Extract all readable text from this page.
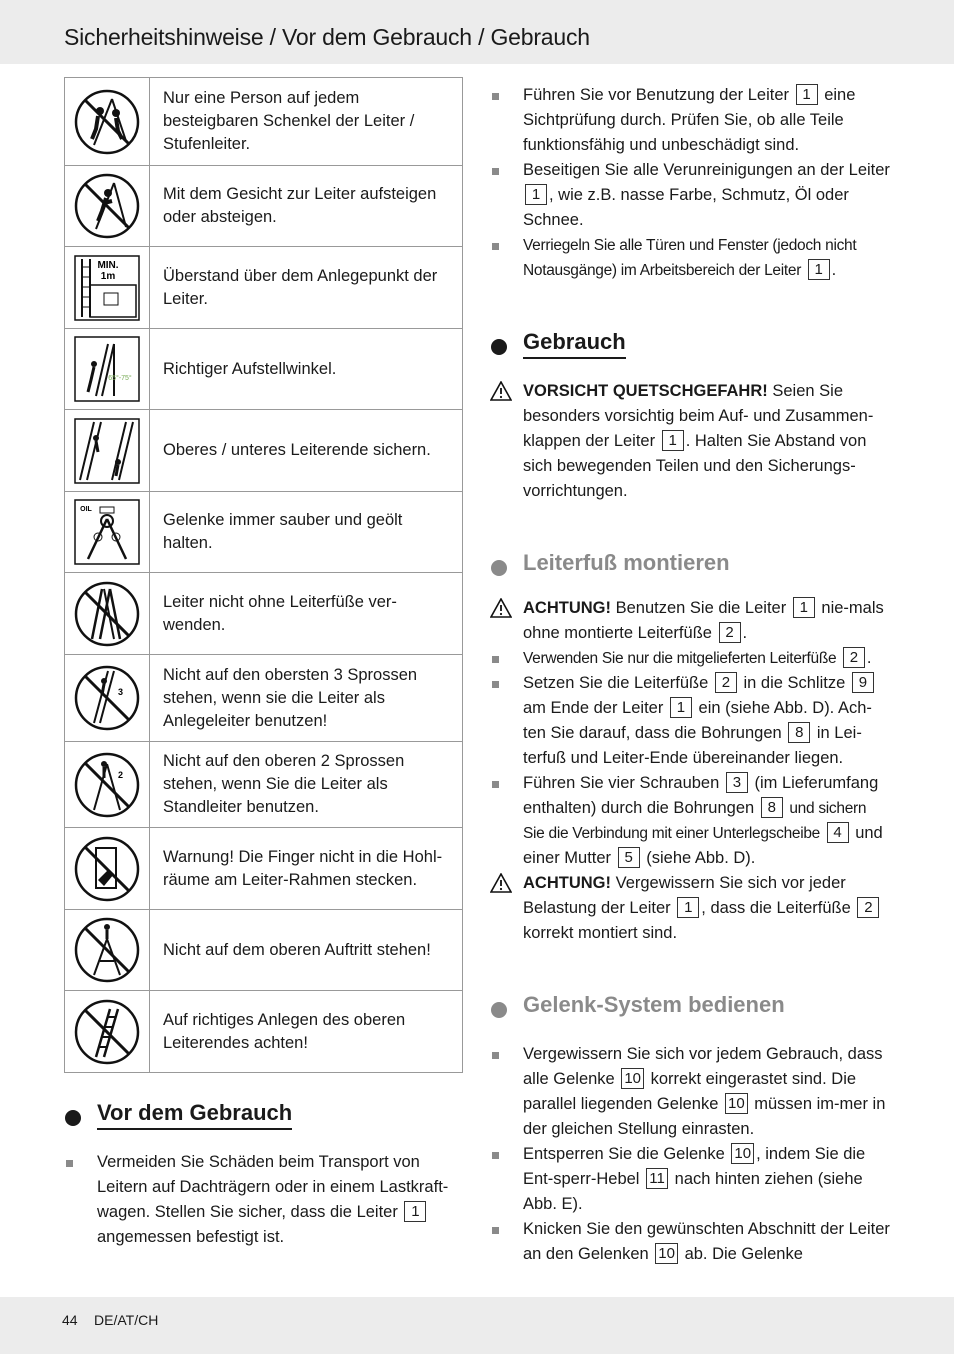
Sicherheitshinweise / Vor dem Gebrauch / Gebrauch
Nur eine Person auf jedem besteigbaren Schenkel der Leiter / Stufenleiter.
Mit dem Gesicht zur Leiter aufsteigen oder absteigen.
MIN.
1m	Überstand über dem Anlegepunkt der Leiter.
65°-75°
Richtiger Aufstellwinkel.
Oberes / unteres Leiterende sichern.
OIL
Gelenke immer sauber und geölt halten.
Leiter nicht ohne Leiterfüße ver-wenden.
3
Nicht auf den obersten 3 Sprossen stehen, wenn sie die Leiter als Anlegeleiter benutzen!
2
Nicht auf den oberen 2 Sprossen stehen, wenn Sie die Leiter als Standleiter benutzen.
Warnung! Die Finger nicht in die Hohl-räume am Leiter-Rahmen stecken.
Nicht auf dem oberen Auftritt stehen!
Auf richtiges Anlegen des oberen Leiterendes achten!
Vor dem Gebrauch
Vermeiden Sie Schäden beim Transport von Leitern auf Dachträgern oder in einem Lastkraft-wagen. Stellen Sie sicher, dass die Leiter 1
angemessen befestigt ist.
Führen Sie vor Benutzung der Leiter 1 eine Sichtprüfung durch. Prüfen Sie, ob alle Teile funktionsfähig und unbeschädigt sind.
Beseitigen Sie alle Verunreinigungen an der Leiter 1 , wie z.B. nasse Farbe, Schmutz, Öl oder Schnee.
Verriegeln Sie alle Türen und Fenster (jedoch nicht Notausgänge) im Arbeitsbereich der Leiter 1 .
Gebrauch
VORSICHT QUETSCHGEFAHR! Seien Sie besonders vorsichtig beim Auf- und Zusammen-klappen der Leiter 1 . Halten Sie Abstand von sich bewegenden Teilen und den Sicherungs-vorrichtungen.
Leiterfuß montieren
ACHTUNG! Benutzen Sie die Leiter 1 nie-mals ohne montierte Leiterfüße 2 .
Verwenden Sie nur die mitgelieferten Leiterfüße 2 .
Setzen Sie die Leiterfüße 2 in die Schlitze 9 am Ende der Leiter 1 ein (siehe Abb. D). Ach-ten Sie darauf, dass die Bohrungen 8 in Lei-terfuß und Leiter-Ende übereinander liegen.
Führen Sie vier Schrauben 3 (im Lieferumfang enthalten) durch die Bohrungen 8 und sichern Sie die Verbindung mit einer Unterlegscheibe 4 und einer Mutter 5 (siehe Abb. D).
ACHTUNG! Vergewissern Sie sich vor jeder Belastung der Leiter 1 , dass die Leiterfüße 2 korrekt montiert sind.
Gelenk-System bedienen
Vergewissern Sie sich vor jedem Gebrauch, dass alle Gelenke 10 korrekt eingerastet sind. Die parallel liegenden Gelenke 10 müssen im-mer in der gleichen Stellung einrasten.
Entsperren Sie die Gelenke 10 , indem Sie die Ent-sperr-Hebel 11 nach hinten ziehen (siehe Abb. E).
Knicken Sie den gewünschten Abschnitt der Leiter an den Gelenken 10 ab. Die Gelenke
44 DE/AT/CH
